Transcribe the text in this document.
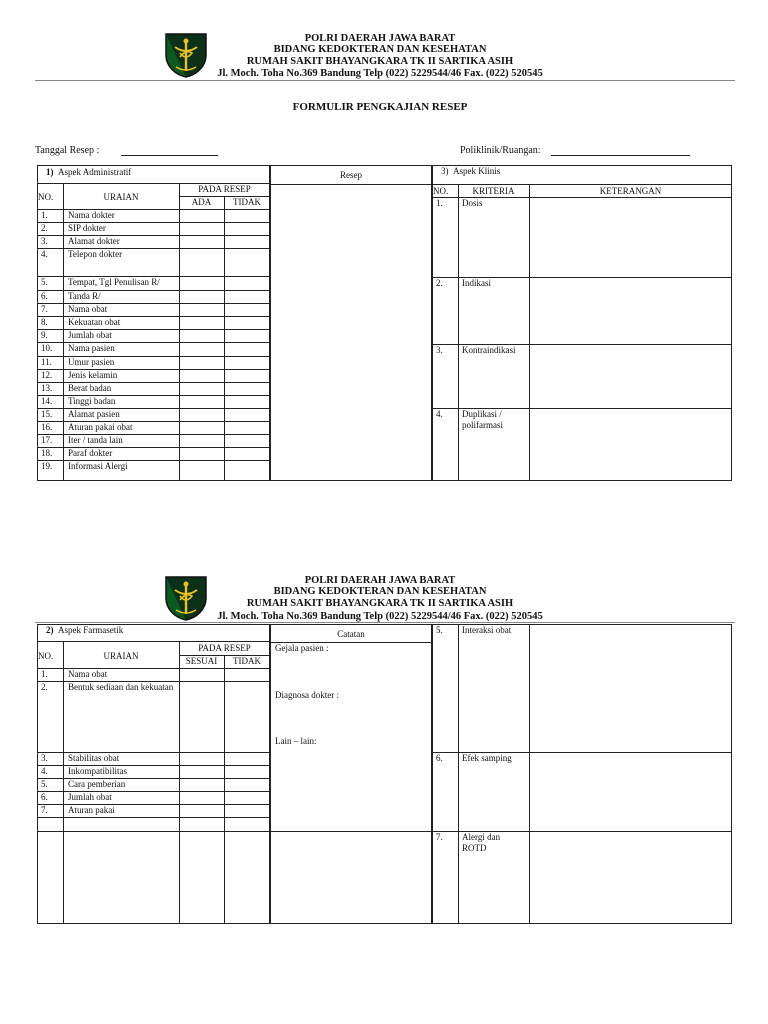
POLRI DAERAH JAWA BARAT
BIDANG KEDOKTERAN DAN KESEHATAN
RUMAH SAKIT BHAYANGKARA TK II SARTIKA ASIH
Jl. Moch. Toha No.369 Bandung Telp (022) 5229544/46 Fax. (022) 520545
FORMULIR PENGKAJIAN RESEP
Tanggal Resep :	Poliklinik/Ruangan:
1) Aspek Administratif
NO.	URAIAN
PADA RESEP
ADA	TIDAK
1. Nama dokter
2. SIP dokter
3. Alamat dokter
4. Telepon dokter
5. Tempat, Tgl Penulisan R/
6. Tanda R/
7. Nama obat
8. Kekuatan obat
9. Jumlah obat
10. Nama pasien
11. Umur pasien
12. Jenis kelamin
13. Berat badan
14. Tinggi badan
15. Alamat pasien
16. Aturan pakai obat
17. Iter / tanda lain
18. Paraf dokter
19. Informasi Alergi
Resep	3) Aspek Klinis
NO.	KRITERIA	KETERANGAN
1. Dosis
2. Indikasi
3. Kontraindikasi
4. Duplikasi / polifarmasi
POLRI DAERAH JAWA BARAT
BIDANG KEDOKTERAN DAN KESEHATAN
RUMAH SAKIT BHAYANGKARA TK II SARTIKA ASIH
Jl. Moch. Toha No.369 Bandung Telp (022) 5229544/46 Fax. (022) 520545
2) Aspek Farmasetik
NO.	URAIAN
PADA RESEP
SESUAI	TIDAK
1. Nama obat
2. Bentuk sediaan dan kekuatan
3. Stabilitas obat
4. Inkompatibilitas
5. Cara pemberian
6. Jumlah obat
7. Aturan pakai
Catatan
Gejala pasien :
Diagnosa dokter :
Lain – lain:
5. Interaksi obat
6. Efek samping
7. Alergi dan ROTD
